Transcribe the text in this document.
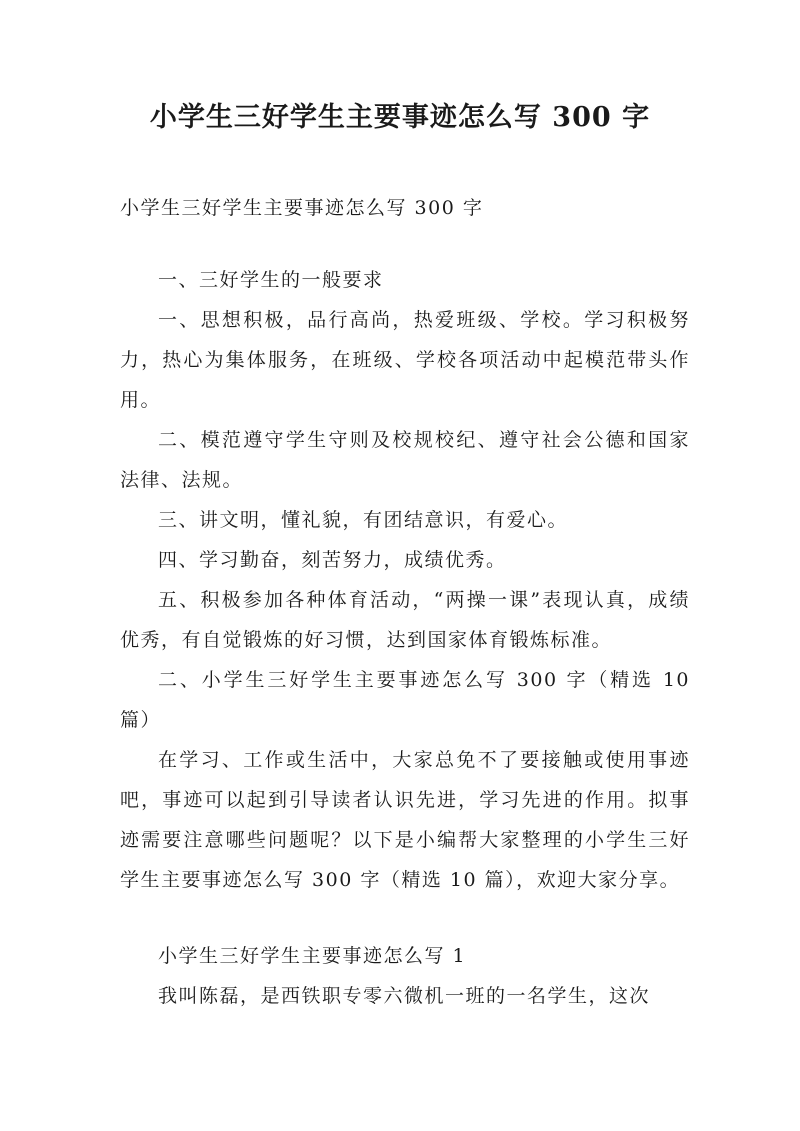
小学生三好学生主要事迹怎么写 300 字

小学生三好学生主要事迹怎么写 300 字

一、三好学生的一般要求

一、思想积极，品行高尚，热爱班级、学校。学习积极努力，热心为集体服务，在班级、学校各项活动中起模范带头作用。

二、模范遵守学生守则及校规校纪、遵守社会公德和国家法律、法规。

三、讲文明，懂礼貌，有团结意识，有爱心。

四、学习勤奋，刻苦努力，成绩优秀。

五、积极参加各种体育活动，“两操一课”表现认真，成绩优秀，有自觉锻炼的好习惯，达到国家体育锻炼标准。

二、小学生三好学生主要事迹怎么写 300 字（精选 10 篇）

在学习、工作或生活中，大家总免不了要接触或使用事迹吧，事迹可以起到引导读者认识先进，学习先进的作用。拟事迹需要注意哪些问题呢？以下是小编帮大家整理的小学生三好学生主要事迹怎么写 300 字（精选 10 篇），欢迎大家分享。

小学生三好学生主要事迹怎么写 1

我叫陈磊，是西铁职专零六微机一班的一名学生，这次
